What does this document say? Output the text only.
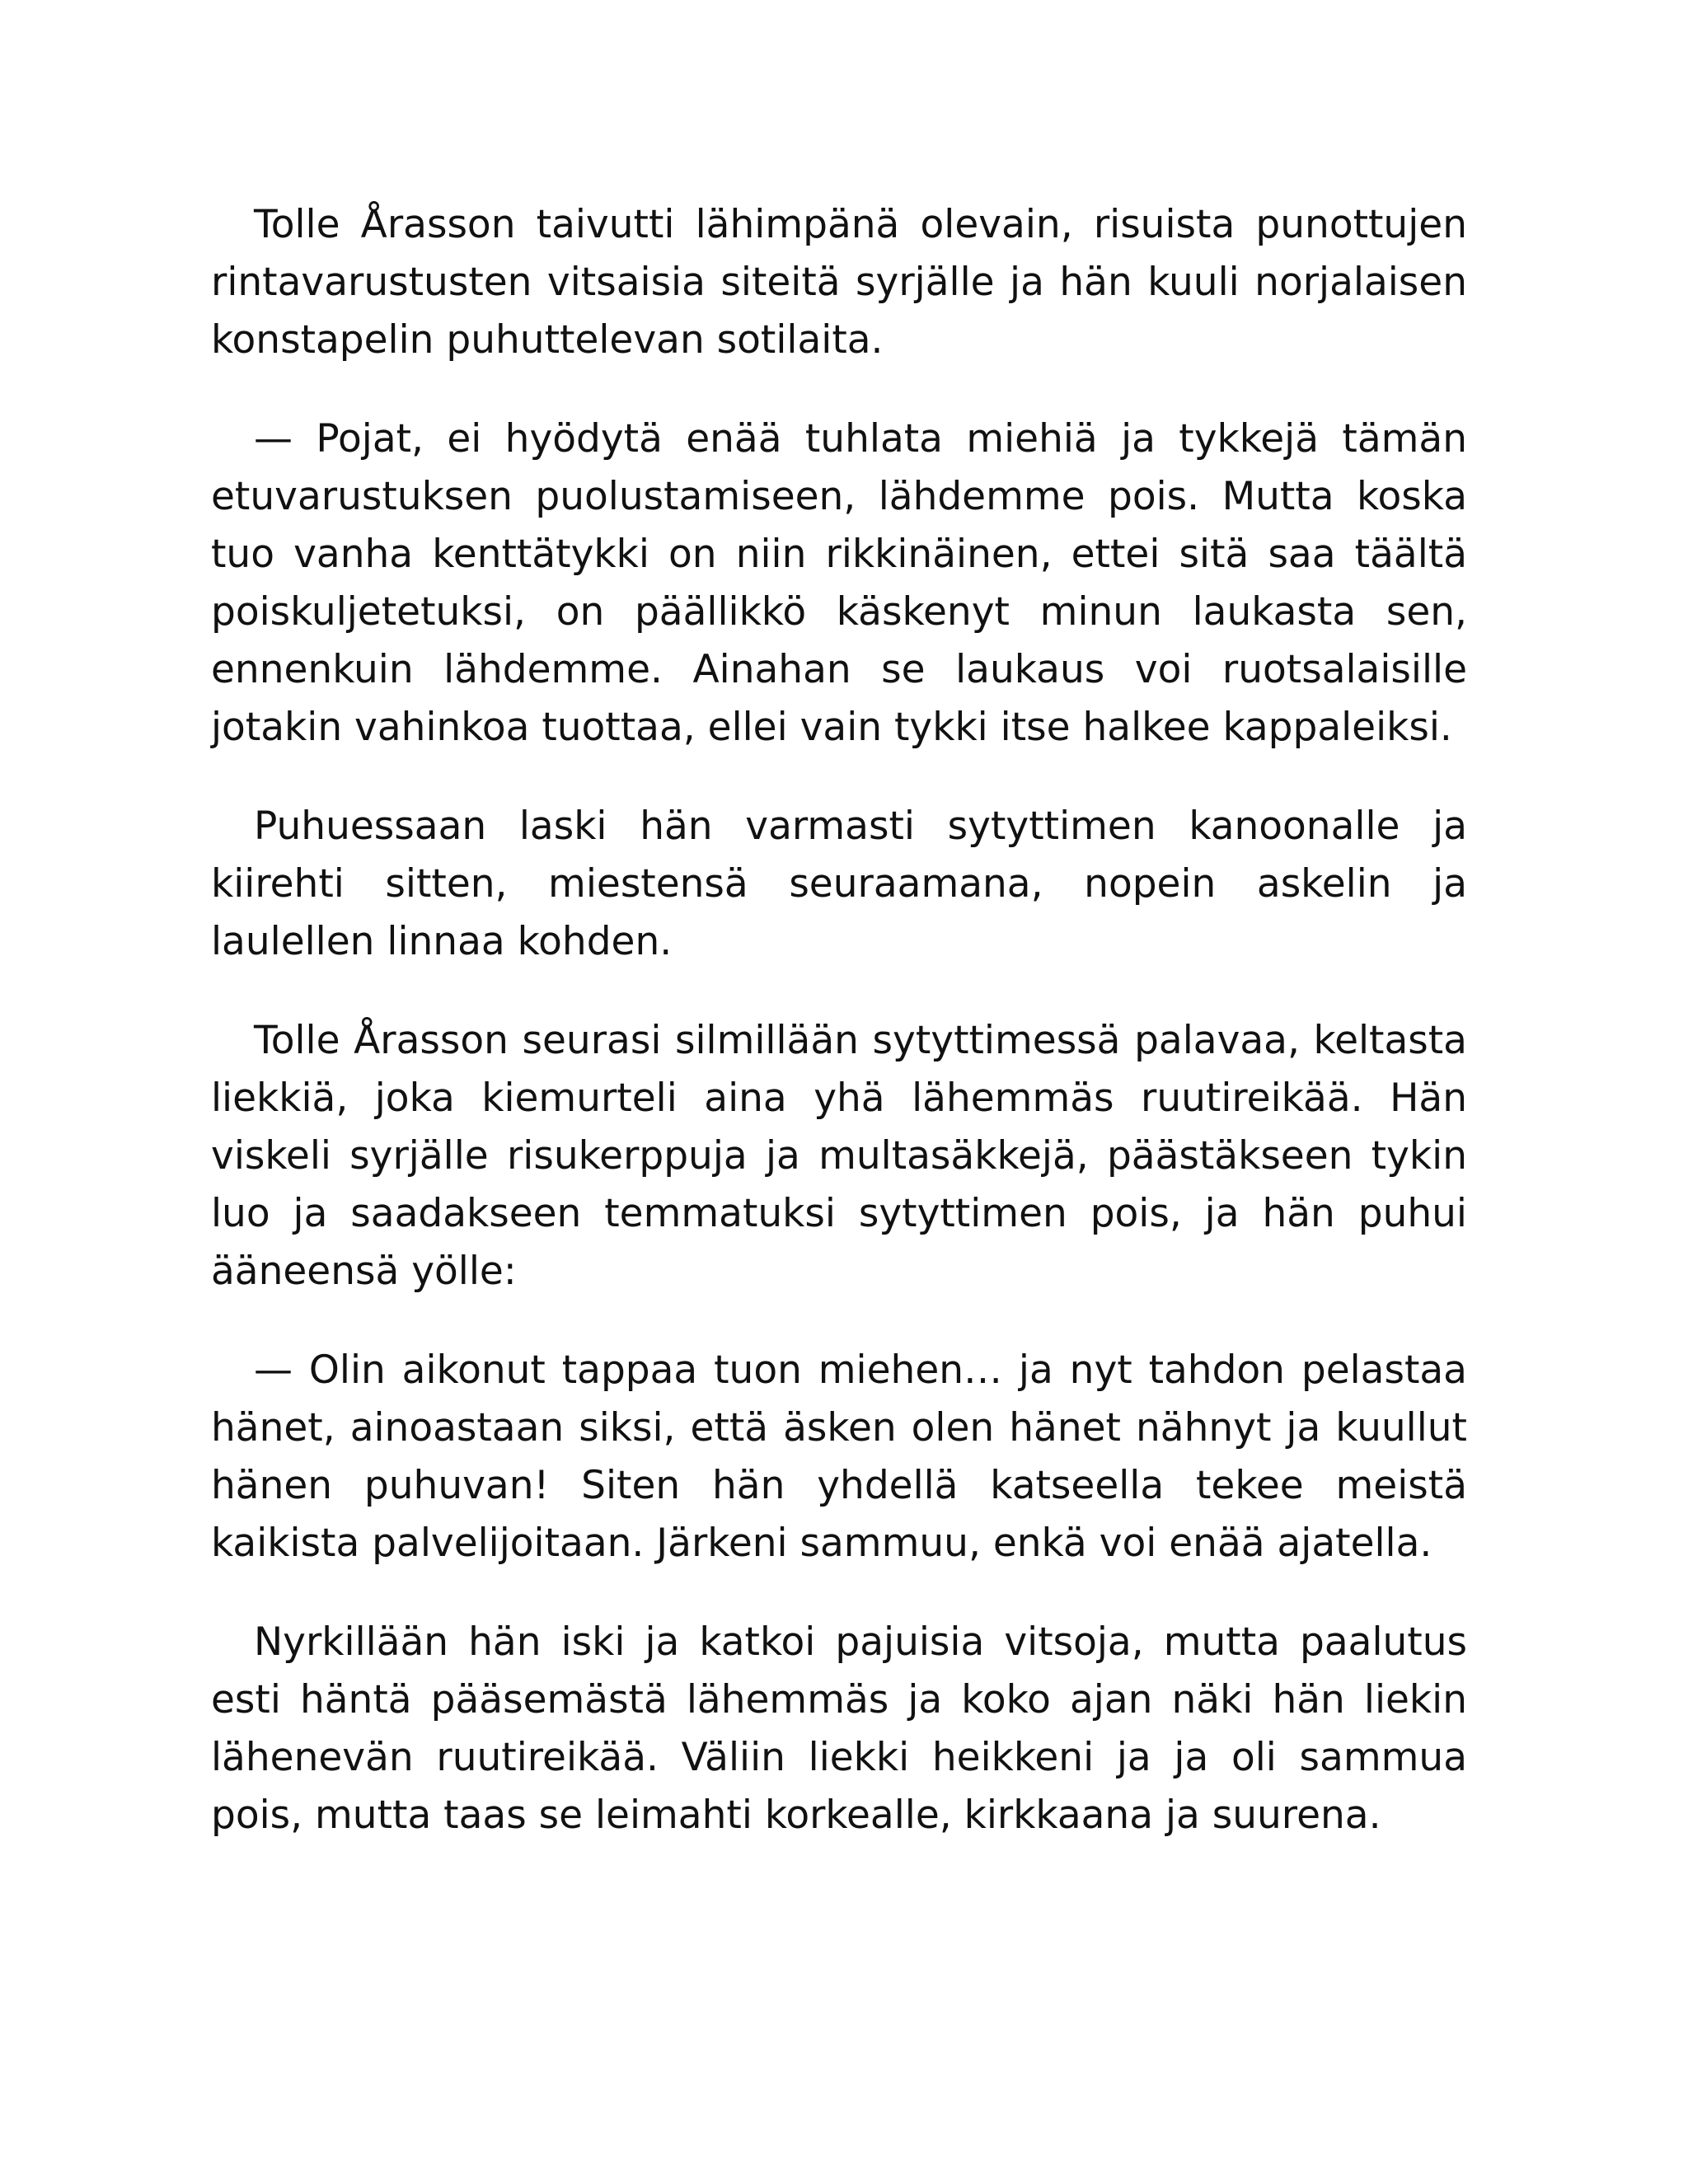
Tolle Årasson taivutti lähimpänä olevain, risuista punottujen rintavarustusten vitsaisia siteitä syrjälle ja hän kuuli norjalaisen konstapelin puhuttelevan sotilaita.

— Pojat, ei hyödytä enää tuhlata miehiä ja tykkejä tämän etuvarustuksen puolustamiseen, lähdemme pois. Mutta koska tuo vanha kenttätykki on niin rikkinäinen, ettei sitä saa täältä poiskuljetetuksi, on päällikkö käskenyt minun laukasta sen, ennenkuin lähdemme. Ainahan se laukaus voi ruotsalaisille jotakin vahinkoa tuottaa, ellei vain tykki itse halkee kappaleiksi.

Puhuessaan laski hän varmasti sytyttimen kanoonalle ja kiirehti sitten, miestensä seuraamana, nopein askelin ja laulellen linnaa kohden.

Tolle Årasson seurasi silmillään sytyttimessä palavaa, keltasta liekkiä, joka kiemurteli aina yhä lähemmäs ruutireikää. Hän viskeli syrjälle risukerppuja ja multasäkkejä, päästäkseen tykin luo ja saadakseen temmatuksi sytyttimen pois, ja hän puhui ääneensä yölle:

— Olin aikonut tappaa tuon miehen… ja nyt tahdon pelastaa hänet, ainoastaan siksi, että äsken olen hänet nähnyt ja kuullut hänen puhuvan! Siten hän yhdellä katseella tekee meistä kaikista palvelijoitaan. Järkeni sammuu, enkä voi enää ajatella.

Nyrkillään hän iski ja katkoi pajuisia vitsoja, mutta paalutus esti häntä pääsemästä lähemmäs ja koko ajan näki hän liekin lähenevän ruutireikää. Väliin liekki heikkeni ja ja oli sammua pois, mutta taas se leimahti korkealle, kirkkaana ja suurena.
